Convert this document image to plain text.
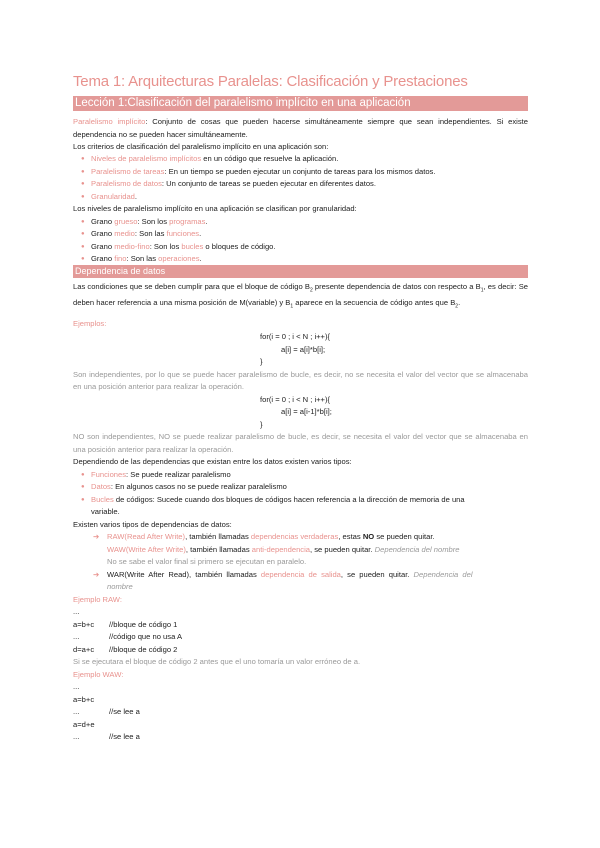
Tema 1: Arquitecturas Paralelas: Clasificación y Prestaciones
Lección 1:Clasificación del paralelismo implícito en una aplicación
Paralelismo implícito: Conjunto de cosas que pueden hacerse simultáneamente siempre que sean independientes. Si existe dependencia no se pueden hacer simultáneamente.
Los criterios de clasificación del paralelismo implícito en una aplicación son:
● Niveles de paralelismo implícitos en un código que resuelve la aplicación.
● Paralelismo de tareas: En un tiempo se pueden ejecutar un conjunto de tareas para los mismos datos.
● Paralelismo de datos: Un conjunto de tareas se pueden ejecutar en diferentes datos.
● Granularidad.
Los niveles de paralelismo implícito en una aplicación se clasifican por granularidad:
● Grano grueso: Son los programas.
● Grano medio: Son las funciones.
● Grano medio-fino: Son los bucles o bloques de código.
● Grano fino: Son las operaciones.
Dependencia de datos
Las condiciones que se deben cumplir para que el bloque de código $B_2$ presente dependencia de datos con respecto a $B_1$, es decir: Se deben hacer referencia a una misma posición de M(variable) y $B_1$ aparece en la secuencia de código antes que $B_2$.
Ejemplos:
for(i = 0 ; i < N ; i++){
a[i] = a[i]*b[i];
}
Son independientes, por lo que se puede hacer paralelismo de bucle, es decir, no se necesita el valor del vector que se almacenaba en una posición anterior para realizar la operación.
for(i = 0 ; i < N ; i++){
a[i] = a[i-1]*b[i];
}
NO son independientes, NO se puede realizar paralelismo de bucle, es decir, se necesita el valor del vector que se almacenaba en una posición anterior para realizar la operación.
Dependiendo de las dependencias que existan entre los datos existen varios tipos:
● Funciones: Se puede realizar paralelismo
● Datos: En algunos casos no se puede realizar paralelismo
● Bucles de códigos: Sucede cuando dos bloques de códigos hacen referencia a la dirección de memoria de una
variable.
Existen varios tipos de dependencias de datos:
➔ RAW(Read After Write), también llamadas dependencias verdaderas, estas NO se pueden quitar.
WAW(Write After Write), también llamadas anti-dependencia, se pueden quitar. Dependencia del nombre
No se sabe el valor final si primero se ejecutan en paralelo.
➔ WAR(Write After Read), también llamadas dependencia de salida, se pueden quitar. Dependencia del
nombre
Ejemplo RAW:
...
a=b+c //bloque de código 1
...	//código que no usa A
d=a+c //bloque de código 2
Si se ejecutara el bloque de código 2 antes que el uno tomaría un valor erróneo de a.
Ejemplo WAW:
...
a=b+c
...	//se lee a
a=d+e
...	//se lee a
